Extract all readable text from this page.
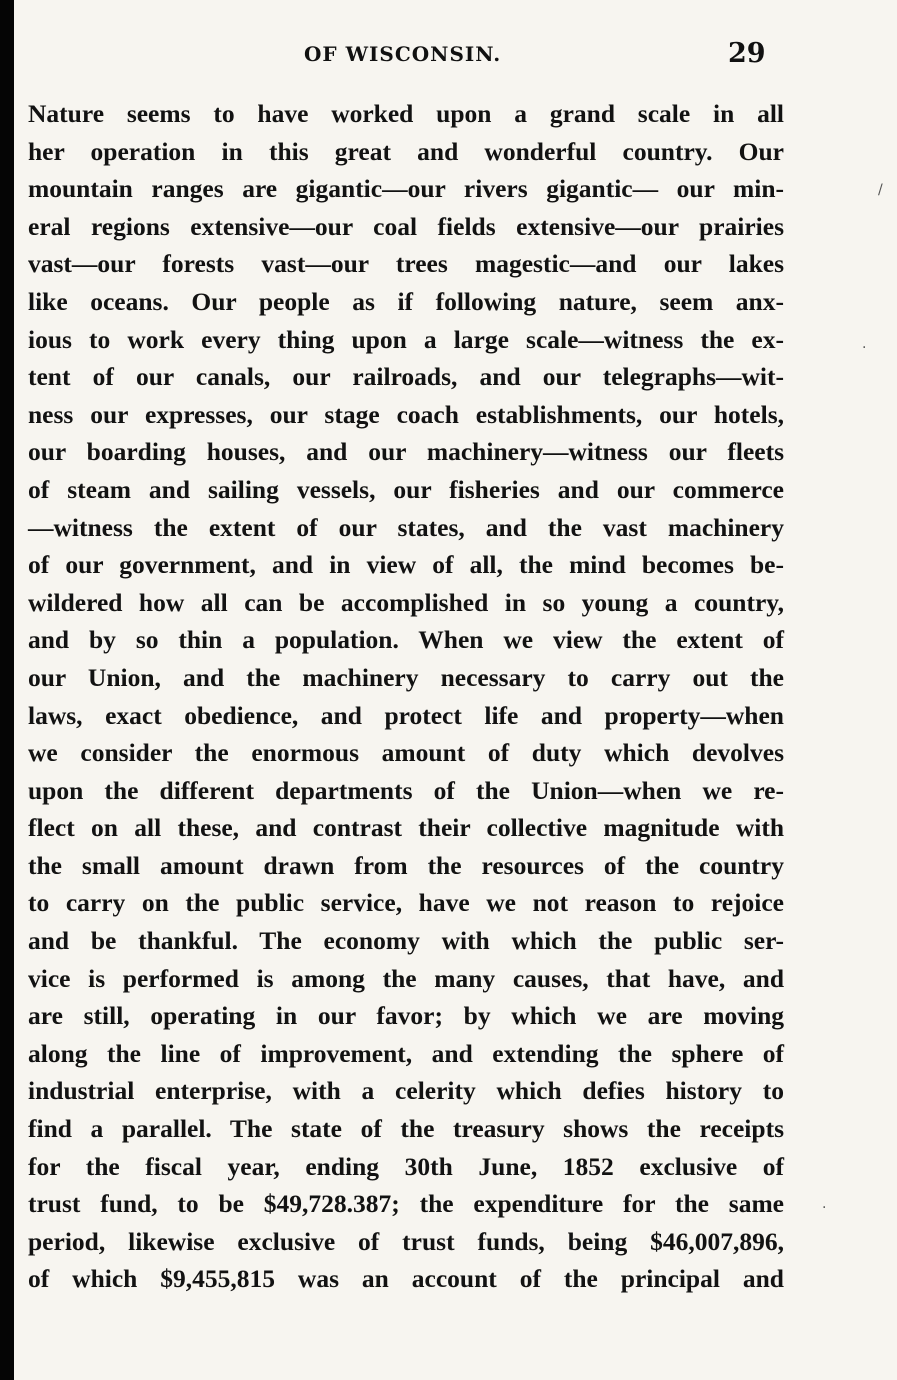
OF WISCONSIN.	29
Nature seems to have worked upon a grand scale in all
her operation in this great and wonderful country. Our
mountain ranges are gigantic—our rivers gigantic— our min-
eral regions extensive—our coal fields extensive—our prairies
vast—our forests vast—our trees magestic—and our lakes
like oceans. Our people as if following nature, seem anx-
ious to work every thing upon a large scale—witness the ex-
tent of our canals, our railroads, and our telegraphs—wit-
ness our expresses, our stage coach establishments, our hotels,
our boarding houses, and our machinery—witness our fleets
of steam and sailing vessels, our fisheries and our commerce
—witness the extent of our states, and the vast machinery
of our government, and in view of all, the mind becomes be-
wildered how all can be accomplished in so young a country,
and by so thin a population. When we view the extent of
our Union, and the machinery necessary to carry out the
laws, exact obedience, and protect life and property—when
we consider the enormous amount of duty which devolves
upon the different departments of the Union—when we re-
flect on all these, and contrast their collective magnitude with
the small amount drawn from the resources of the country
to carry on the public service, have we not reason to rejoice
and be thankful. The economy with which the public ser-
vice is performed is among the many causes, that have, and
are still, operating in our favor; by which we are moving
along the line of improvement, and extending the sphere of
industrial enterprise, with a celerity which defies history to
find a parallel. The state of the treasury shows the receipts
for the fiscal year, ending 30th June, 1852 exclusive of
trust fund, to be $49,728.387; the expenditure for the same
period, likewise exclusive of trust funds, being $46,007,896,
of which $9,455,815 was an account of the principal and
/
·
·
